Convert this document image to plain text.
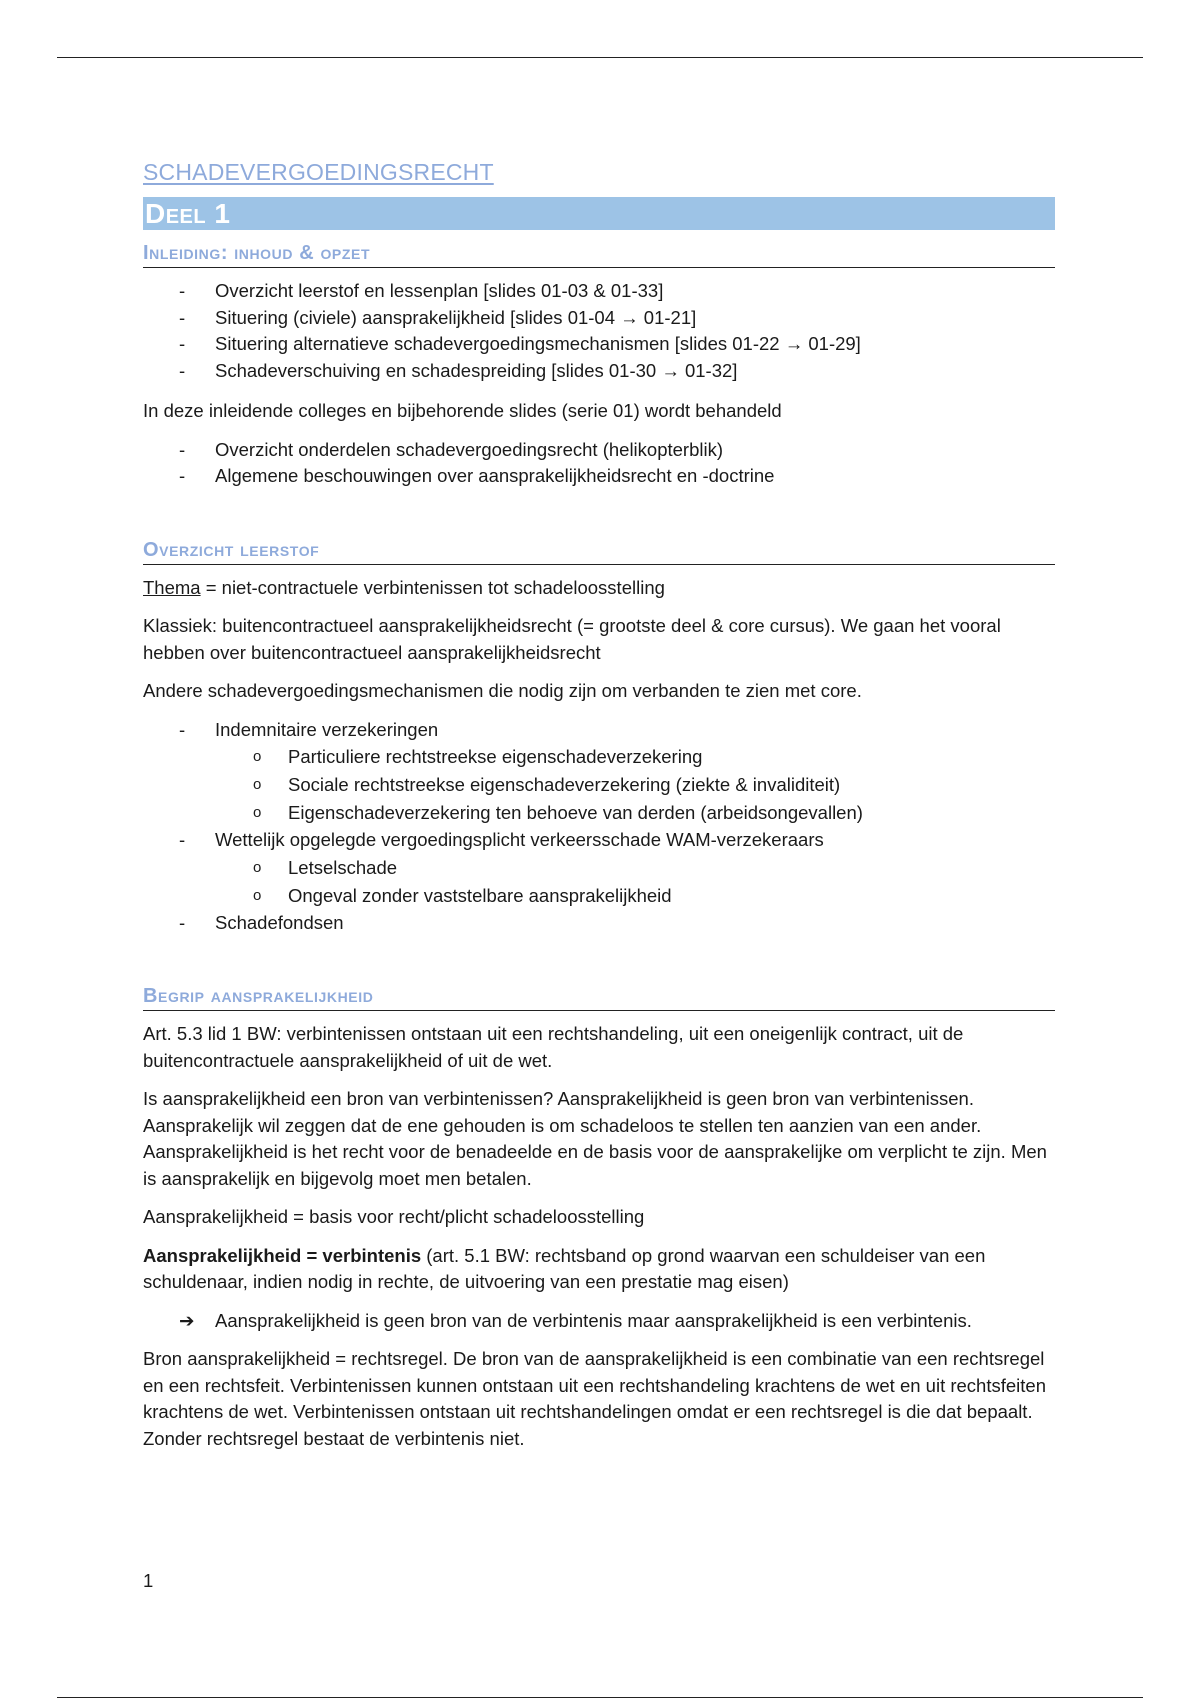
SCHADEVERGOEDINGSRECHT
Deel 1
Inleiding: inhoud & opzet
- Overzicht leerstof en lessenplan [slides 01-03 & 01-33]
- Situering (civiele) aansprakelijkheid [slides 01-04 → 01-21]
- Situering alternatieve schadevergoedingsmechanismen [slides 01-22 → 01-29]
- Schadeverschuiving en schadespreiding [slides 01-30 → 01-32]

In deze inleidende colleges en bijbehorende slides (serie 01) wordt behandeld

- Overzicht onderdelen schadevergoedingsrecht (helikopterblik)
- Algemene beschouwingen over aansprakelijkheidsrecht en -doctrine
Overzicht leerstof

Thema = niet-contractuele verbintenissen tot schadeloosstelling

Klassiek: buitencontractueel aansprakelijkheidsrecht (= grootste deel & core cursus). We gaan het vooral hebben over buitencontractueel aansprakelijkheidsrecht

Andere schadevergoedingsmechanismen die nodig zijn om verbanden te zien met core.

- Indemnitaire verzekeringen
o Particuliere rechtstreekse eigenschadeverzekering
o Sociale rechtstreekse eigenschadeverzekering (ziekte & invaliditeit)
o Eigenschadeverzekering ten behoeve van derden (arbeidsongevallen)
- Wettelijk opgelegde vergoedingsplicht verkeersschade WAM-verzekeraars
o Letselschade
o Ongeval zonder vaststelbare aansprakelijkheid
- Schadefondsen
Begrip aansprakelijkheid

Art. 5.3 lid 1 BW: verbintenissen ontstaan uit een rechtshandeling, uit een oneigenlijk contract, uit de buitencontractuele aansprakelijkheid of uit de wet.

Is aansprakelijkheid een bron van verbintenissen? Aansprakelijkheid is geen bron van verbintenissen. Aansprakelijk wil zeggen dat de ene gehouden is om schadeloos te stellen ten aanzien van een ander. Aansprakelijkheid is het recht voor de benadeelde en de basis voor de aansprakelijke om verplicht te zijn. Men is aansprakelijk en bijgevolg moet men betalen.

Aansprakelijkheid = basis voor recht/plicht schadeloosstelling

Aansprakelijkheid = verbintenis (art. 5.1 BW: rechtsband op grond waarvan een schuldeiser van een schuldenaar, indien nodig in rechte, de uitvoering van een prestatie mag eisen)

➔ Aansprakelijkheid is geen bron van de verbintenis maar aansprakelijkheid is een verbintenis.

Bron aansprakelijkheid = rechtsregel. De bron van de aansprakelijkheid is een combinatie van een rechtsregel en een rechtsfeit. Verbintenissen kunnen ontstaan uit een rechtshandeling krachtens de wet en uit rechtsfeiten krachtens de wet. Verbintenissen ontstaan uit rechtshandelingen omdat er een rechtsregel is die dat bepaalt. Zonder rechtsregel bestaat de verbintenis niet.

1
